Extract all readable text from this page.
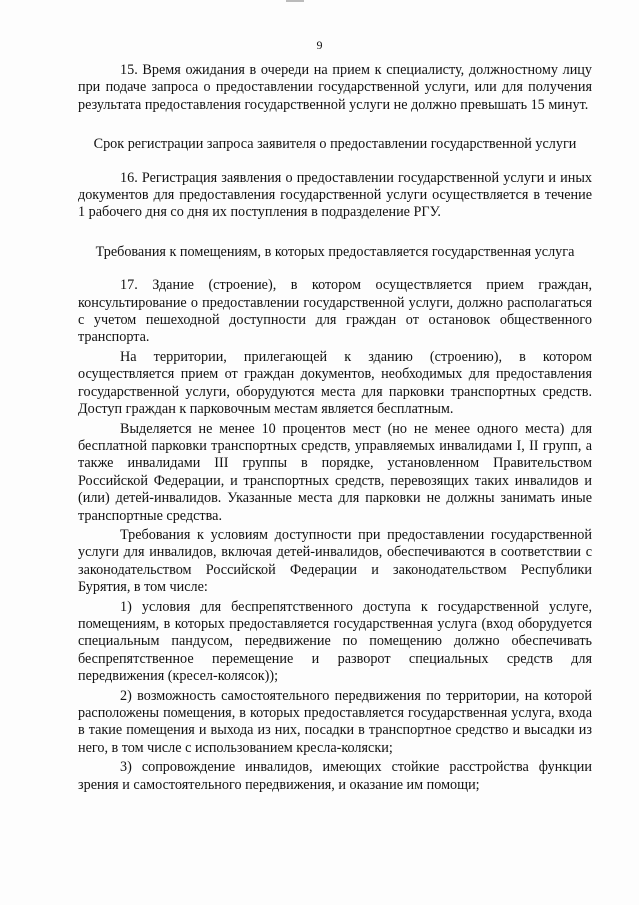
9

15. Время ожидания в очереди на прием к специалисту, должностному лицу при подаче запроса о предоставлении государственной услуги, или для получения результата предоставления государственной услуги не должно превышать 15 минут.

Срок регистрации запроса заявителя о предоставлении государственной услуги

16. Регистрация заявления о предоставлении государственной услуги и иных документов для предоставления государственной услуги осуществляется в течение 1 рабочего дня со дня их поступления в подразделение РГУ.

Требования к помещениям, в которых предоставляется государственная услуга

17. Здание (строение), в котором осуществляется прием граждан, консультирование о предоставлении государственной услуги, должно располагаться с учетом пешеходной доступности для граждан от остановок общественного транспорта.

На территории, прилегающей к зданию (строению), в котором осуществляется прием от граждан документов, необходимых для предоставления государственной услуги, оборудуются места для парковки транспортных средств. Доступ граждан к парковочным местам является бесплатным.

Выделяется не менее 10 процентов мест (но не менее одного места) для бесплатной парковки транспортных средств, управляемых инвалидами I, II групп, а также инвалидами III группы в порядке, установленном Правительством Российской Федерации, и транспортных средств, перевозящих таких инвалидов и (или) детей-инвалидов. Указанные места для парковки не должны занимать иные транспортные средства.

Требования к условиям доступности при предоставлении государственной услуги для инвалидов, включая детей-инвалидов, обеспечиваются в соответствии с законодательством Российской Федерации и законодательством Республики Бурятия, в том числе:

1) условия для беспрепятственного доступа к государственной услуге, помещениям, в которых предоставляется государственная услуга (вход оборудуется специальным пандусом, передвижение по помещению должно обеспечивать беспрепятственное перемещение и разворот специальных средств для передвижения (кресел-колясок));

2) возможность самостоятельного передвижения по территории, на которой расположены помещения, в которых предоставляется государственная услуга, входа в такие помещения и выхода из них, посадки в транспортное средство и высадки из него, в том числе с использованием кресла-коляски;

3) сопровождение инвалидов, имеющих стойкие расстройства функции зрения и самостоятельного передвижения, и оказание им помощи;
